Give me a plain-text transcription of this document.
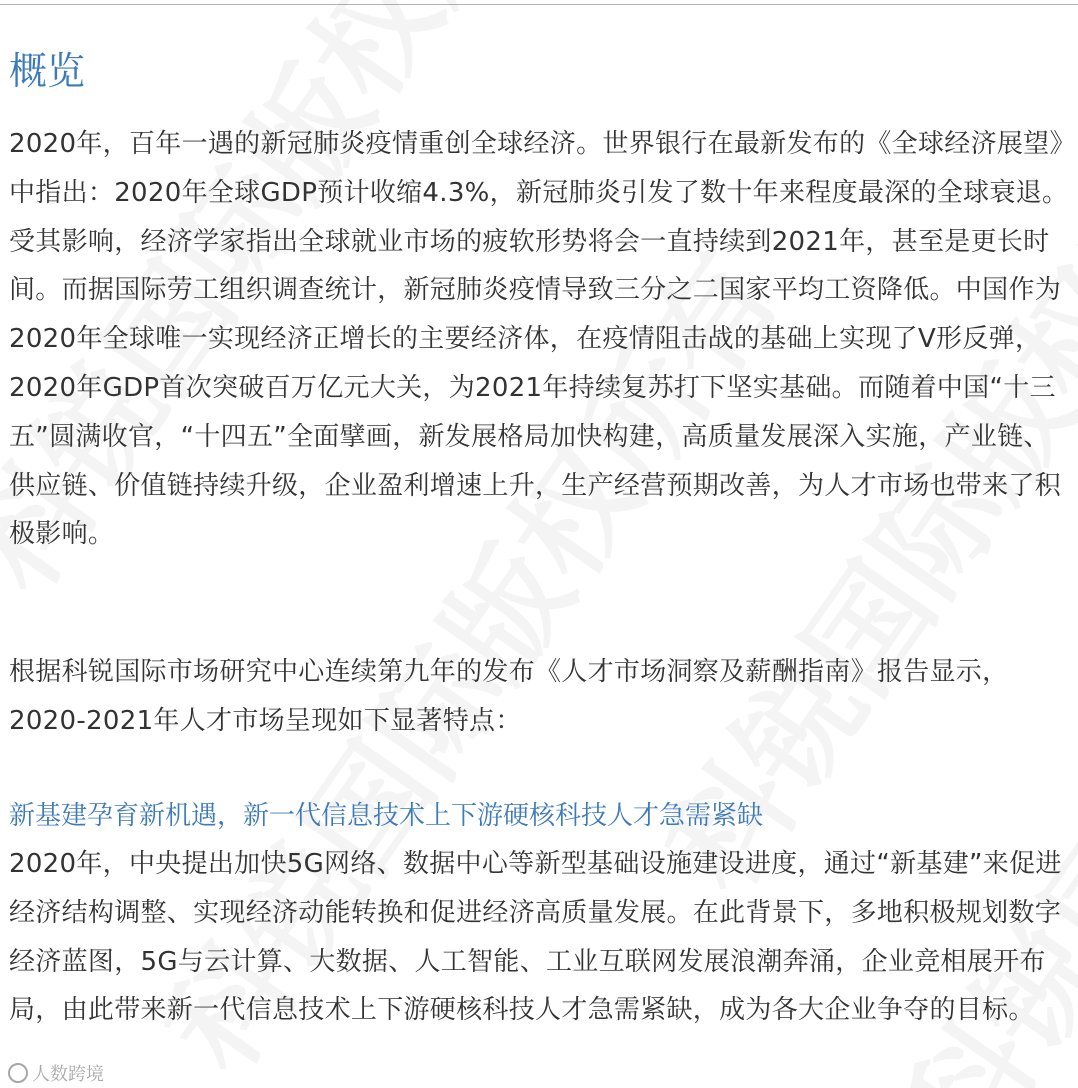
概览

2020年，百年一遇的新冠肺炎疫情重创全球经济。世界银行在最新发布的《全球经济展望》中指出：2020年全球GDP预计收缩4.3%，新冠肺炎引发了数十年来程度最深的全球衰退。受其影响，经济学家指出全球就业市场的疲软形势将会一直持续到2021年，甚至是更长时间。而据国际劳工组织调查统计，新冠肺炎疫情导致三分之二国家平均工资降低。中国作为2020年全球唯一实现经济正增长的主要经济体，在疫情阻击战的基础上实现了V形反弹，2020年GDP首次突破百万亿元大关，为2021年持续复苏打下坚实基础。而随着中国“十三五”圆满收官，“十四五”全面擘画，新发展格局加快构建，高质量发展深入实施，产业链、供应链、价值链持续升级，企业盈利增速上升，生产经营预期改善，为人才市场也带来了积极影响。

根据科锐国际市场研究中心连续第九年的发布《人才市场洞察及薪酬指南》报告显示， 2020-2021年人才市场呈现如下显著特点：

新基建孕育新机遇，新一代信息技术上下游硬核科技人才急需紧缺

2020年，中央提出加快5G网络、数据中心等新型基础设施建设进度，通过“新基建”来促进经济结构调整、实现经济动能转换和促进经济高质量发展。在此背景下，多地积极规划数字经济蓝图，5G与云计算、大数据、人工智能、工业互联网发展浪潮奔涌，企业竞相展开布局，由此带来新一代信息技术上下游硬核科技人才急需紧缺，成为各大企业争夺的目标。

人数跨境
